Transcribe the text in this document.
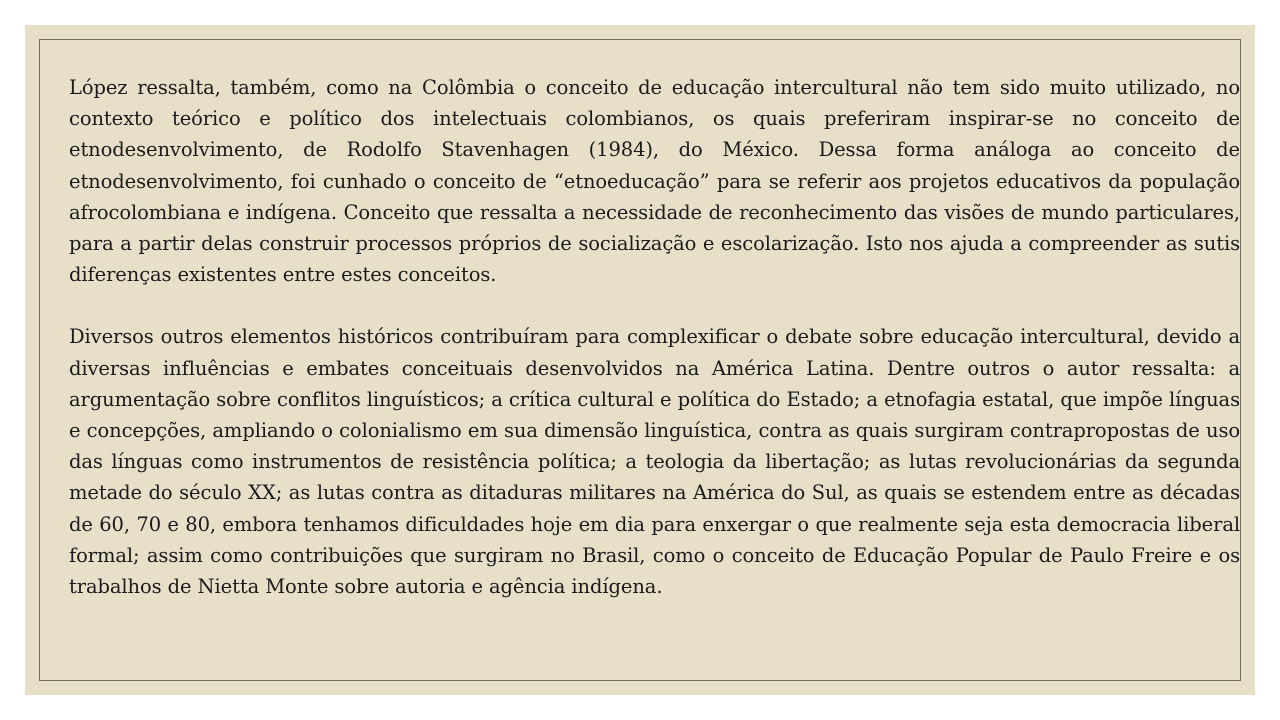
López ressalta, também, como na Colômbia o conceito de educação intercultural não tem sido muito utilizado, no contexto teórico e político dos intelectuais colombianos, os quais preferiram inspirar-se no conceito de etnodesenvolvimento, de Rodolfo Stavenhagen (1984), do México. Dessa forma análoga ao conceito de etnodesenvolvimento, foi cunhado o conceito de “etnoeducação” para se referir aos projetos educativos da população afrocolombiana e indígena. Conceito que ressalta a necessidade de reconhecimento das visões de mundo particulares, para a partir delas construir processos próprios de socialização e escolarização. Isto nos ajuda a compreender as sutis diferenças existentes entre estes conceitos.

Diversos outros elementos históricos contribuíram para complexificar o debate sobre educação intercultural, devido a diversas influências e embates conceituais desenvolvidos na América Latina. Dentre outros o autor ressalta: a argumentação sobre conflitos linguísticos; a crítica cultural e política do Estado; a etnofagia estatal, que impõe línguas e concepções, ampliando o colonialismo em sua dimensão linguística, contra as quais surgiram contrapropostas de uso das línguas como instrumentos de resistência política; a teologia da libertação; as lutas revolucionárias da segunda metade do século XX; as lutas contra as ditaduras militares na América do Sul, as quais se estendem entre as décadas de 60, 70 e 80, embora tenhamos dificuldades hoje em dia para enxergar o que realmente seja esta democracia liberal formal; assim como contribuições que surgiram no Brasil, como o conceito de Educação Popular de Paulo Freire e os trabalhos de Nietta Monte sobre autoria e agência indígena.
